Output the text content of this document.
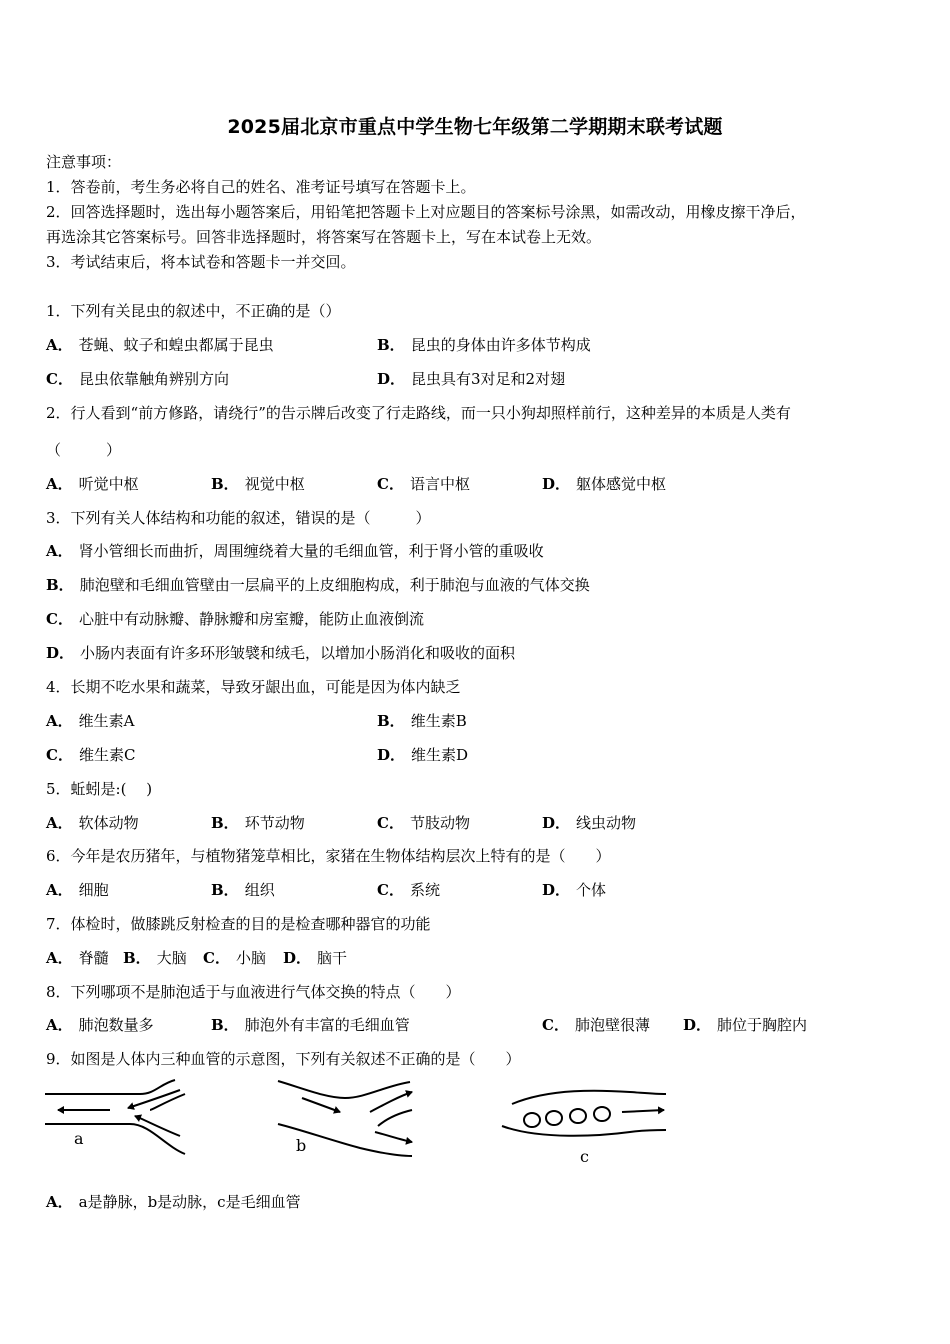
2025届北京市重点中学生物七年级第二学期期末联考试题
注意事项：
1．答卷前，考生务必将自己的姓名、准考证号填写在答题卡上。
2．回答选择题时，选出每小题答案后，用铅笔把答题卡上对应题目的答案标号涂黑，如需改动，用橡皮擦干净后，
再选涂其它答案标号。回答非选择题时，将答案写在答题卡上，写在本试卷上无效。
3．考试结束后，将本试卷和答题卡一并交回。
1．下列有关昆虫的叙述中，不正确的是（）
A． 苍蝇、蚊子和蝗虫都属于昆虫	B． 昆虫的身体由许多体节构成
C． 昆虫依靠触角辨别方向	D． 昆虫具有3对足和2对翅
2．行人看到“前方修路，请绕行”的告示牌后改变了行走路线，而一只小狗却照样前行，这种差异的本质是人类有
（　　　）
A． 听觉中枢	B． 视觉中枢	C． 语言中枢	D． 躯体感觉中枢
3．下列有关人体结构和功能的叙述，错误的是（　　　）
A． 肾小管细长而曲折，周围缠绕着大量的毛细血管，利于肾小管的重吸收
B． 肺泡壁和毛细血管壁由一层扁平的上皮细胞构成，利于肺泡与血液的气体交换
C． 心脏中有动脉瓣、静脉瓣和房室瓣，能防止血液倒流
D． 小肠内表面有许多环形皱襞和绒毛，以增加小肠消化和吸收的面积
4．长期不吃水果和蔬菜，导致牙龈出血，可能是因为体内缺乏
A． 维生素A	B． 维生素B
C． 维生素C	D． 维生素D
5．蚯蚓是:(　 )
A． 软体动物	B． 环节动物	C． 节肢动物	D． 线虫动物
6．今年是农历猪年，与植物猪笼草相比，家猪在生物体结构层次上特有的是（　　）
A． 细胞	B． 组织	C． 系统	D． 个体
7．体检时，做膝跳反射检查的目的是检查哪种器官的功能
A． 脊髓 B． 大脑 C． 小脑 D． 脑干
8．下列哪项不是肺泡适于与血液进行气体交换的特点（　　）
A． 肺泡数量多	B． 肺泡外有丰富的毛细血管	C． 肺泡壁很薄 D． 肺位于胸腔内
9．如图是人体内三种血管的示意图，下列有关叙述不正确的是（　　）
a	b
c
A． a是静脉，b是动脉，c是毛细血管
